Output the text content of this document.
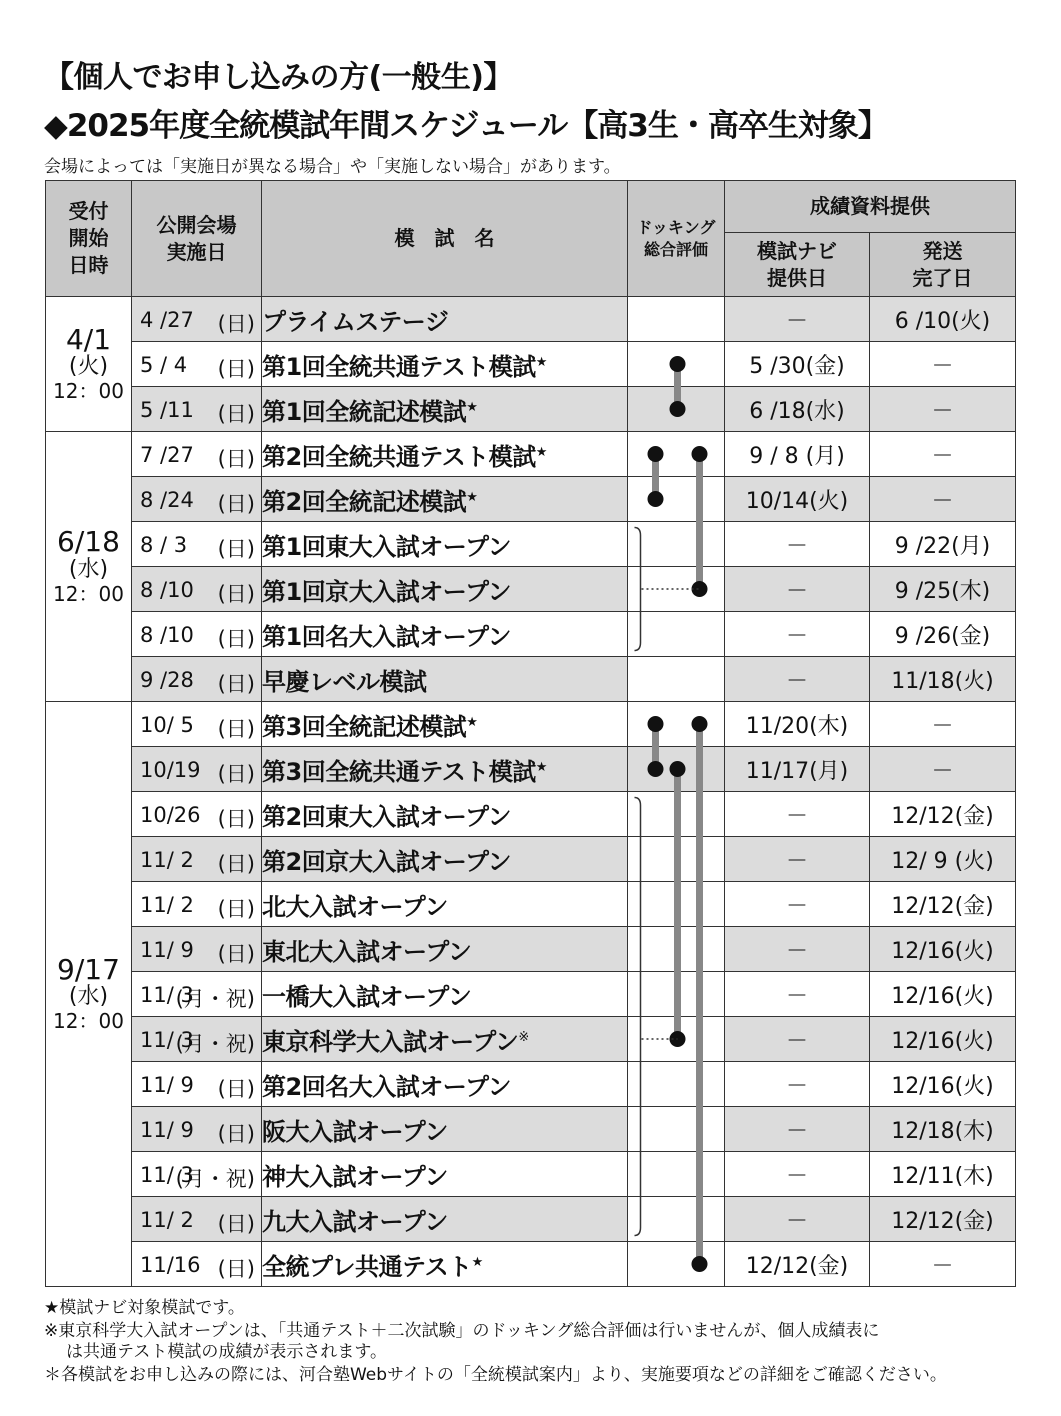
【個人でお申し込みの方(一般生)】
◆2025年度全統模試年間スケジュール【高3生・高卒生対象】
会場によっては「実施日が異なる場合」や「実施しない場合」があります。
受付
開始
日時	公開会場
実施日	模　試　名	ドッキング
総合評価	成績資料提供	
				模試ナビ
提供日	発送
完了日

4/1
(火)
12：00	4 /27 (日)	プライムステージ		－	6 /10(火)

	5 / 4 (日)	第1回全統共通テスト模試★		5 /30(金)	－

	5 /11 (日)	第1回全統記述模試★		6 /18(水)	－

6/18
(水)
12：00	7 /27 (日)	第2回全統共通テスト模試★		9 / 8 (月)	－

	8 /24 (日)	第2回全統記述模試★		10/14(火)	－

	8 / 3 (日)	第1回東大入試オープン		－	9 /22(月)

	8 /10 (日)	第1回京大入試オープン		－	9 /25(木)

	8 /10 (日)	第1回名大入試オープン		－	9 /26(金)

	9 /28 (日)	早慶レベル模試		－	11/18(火)

9/17
(水)
12：00	10/ 5 (日)	第3回全統記述模試★		11/20(木)	－

	10/19 (日)	第3回全統共通テスト模試★		11/17(月)	－

	10/26 (日)	第2回東大入試オープン		－	12/12(金)

	11/ 2 (日)	第2回京大入試オープン		－	12/ 9 (火)

	11/ 2 (日)	北大入試オープン		－	12/12(金)

	11/ 9 (日)	東北大入試オープン		－	12/16(火)

	11/ 3
(月・祝)	一橋大入試オープン		－	12/16(火)

	11/ 3
(月・祝)	東京科学大入試オープン※		－	12/16(火)

	11/ 9 (日)	第2回名大入試オープン		－	12/16(火)

	11/ 9 (日)	阪大入試オープン		－	12/18(木)

	11/ 3
(月・祝)	神大入試オープン		－	12/11(木)

	11/ 2 (日)	九大入試オープン		－	12/12(金)

	11/16 (日)	全統プレ共通テスト★		12/12(金)	－
★模試ナビ対象模試です。
※東京科学大入試オープンは、「共通テスト＋二次試験」のドッキング総合評価は行いませんが、個人成績表に
は共通テスト模試の成績が表示されます。
＊各模試をお申し込みの際には、河合塾Webサイトの「全統模試案内」より、実施要項などの詳細をご確認ください。
